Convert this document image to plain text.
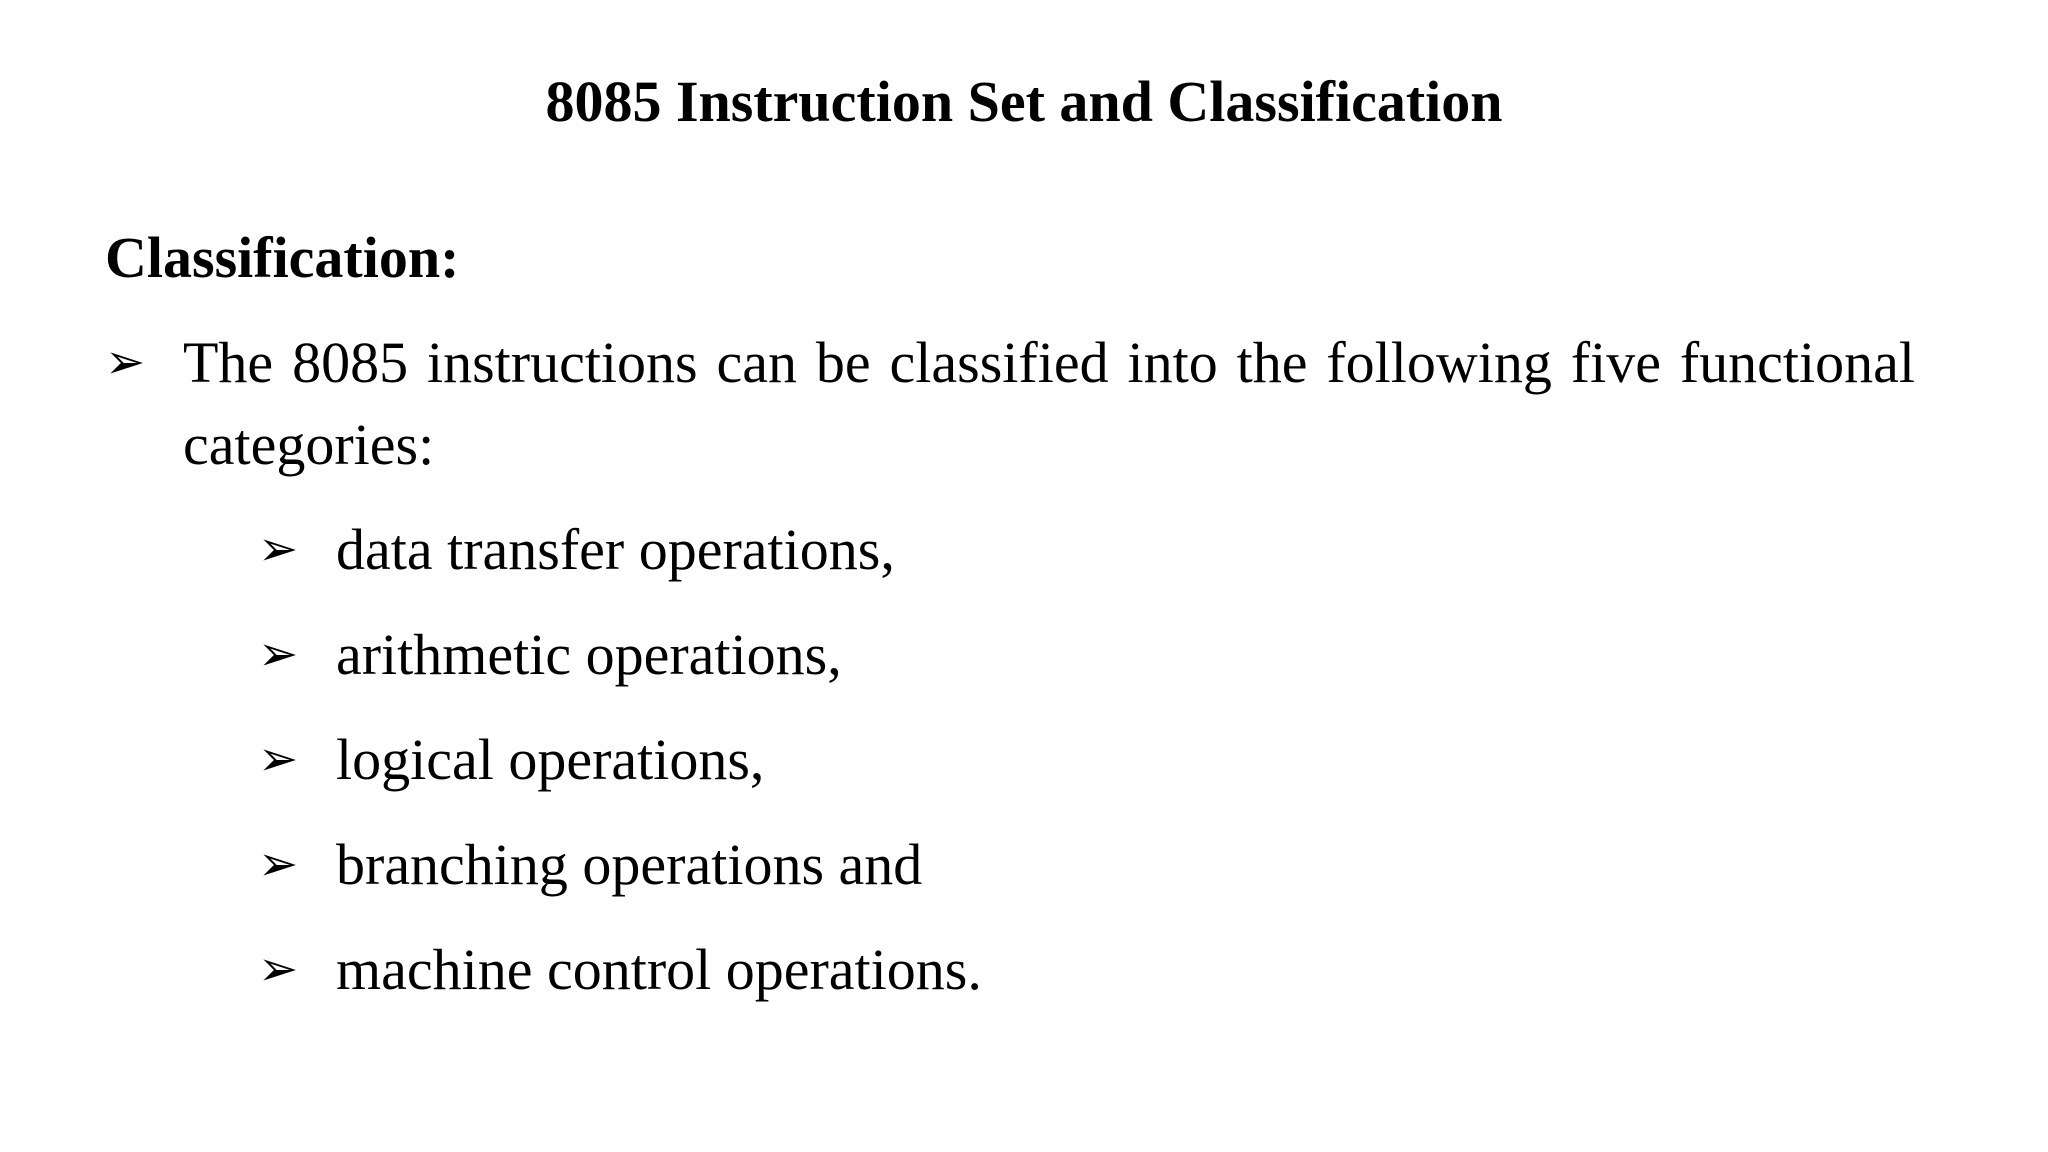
8085 Instruction Set and Classification
Classification:
➢ The 8085 instructions can be classified into the following five functional categories:
➢ data transfer operations,
➢ arithmetic operations,
➢ logical operations,
➢ branching operations and
➢ machine control operations.
